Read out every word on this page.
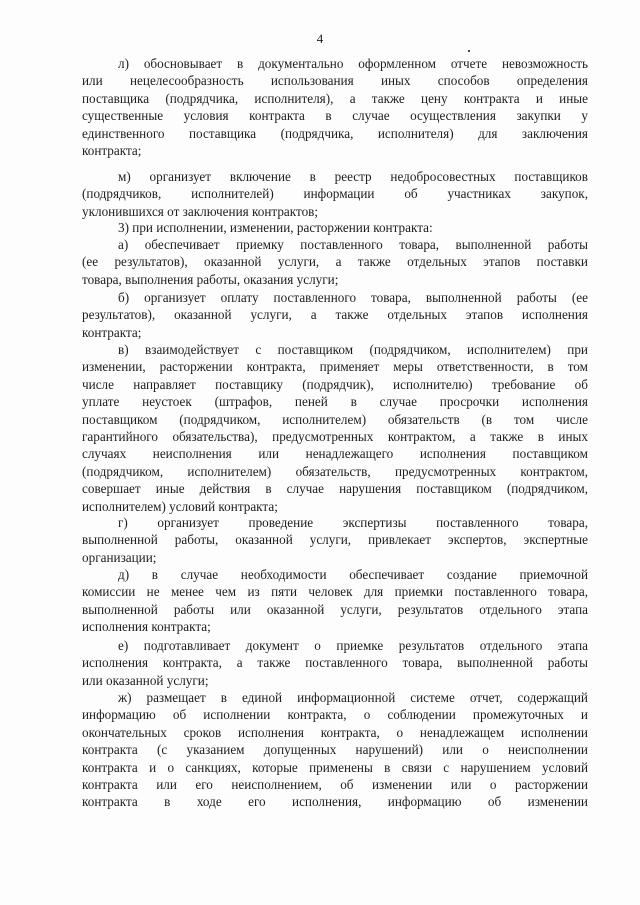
4
л) обосновывает в документально оформленном отчете невозможность
или нецелесообразность использования иных способов определения
поставщика (подрядчика, исполнителя), а также цену контракта и иные
существенные условия контракта в случае осуществления закупки у
единственного поставщика (подрядчика, исполнителя) для заключения
контракта;
м) организует включение в реестр недобросовестных поставщиков
(подрядчиков, исполнителей) информации об участниках закупок,
уклонившихся от заключения контрактов;
3) при исполнении, изменении, расторжении контракта:
а) обеспечивает приемку поставленного товара, выполненной работы
(ее результатов), оказанной услуги, а также отдельных этапов поставки
товара, выполнения работы, оказания услуги;
б) организует оплату поставленного товара, выполненной работы (ее
результатов), оказанной услуги, а также отдельных этапов исполнения
контракта;
в) взаимодействует с поставщиком (подрядчиком, исполнителем) при
изменении, расторжении контракта, применяет меры ответственности, в том
числе направляет поставщику (подрядчик), исполнителю) требование об
уплате неустоек (штрафов, пеней в случае просрочки исполнения
поставщиком (подрядчиком, исполнителем) обязательств (в том числе
гарантийного обязательства), предусмотренных контрактом, а также в иных
случаях неисполнения или ненадлежащего исполнения поставщиком
(подрядчиком, исполнителем) обязательств, предусмотренных контрактом,
совершает иные действия в случае нарушения поставщиком (подрядчиком,
исполнителем) условий контракта;
г) организует проведение экспертизы поставленного товара,
выполненной работы, оказанной услуги, привлекает экспертов, экспертные
организации;
д) в случае необходимости обеспечивает создание приемочной
комиссии не менее чем из пяти человек для приемки поставленного товара,
выполненной работы или оказанной услуги, результатов отдельного этапа
исполнения контракта;
е) подготавливает документ о приемке результатов отдельного этапа
исполнения контракта, а также поставленного товара, выполненной работы
или оказанной услуги;
ж) размещает в единой информационной системе отчет, содержащий
информацию об исполнении контракта, о соблюдении промежуточных и
окончательных сроков исполнения контракта, о ненадлежащем исполнении
контракта (с указанием допущенных нарушений) или о неисполнении
контракта и о санкциях, которые применены в связи с нарушением условий
контракта или его неисполнением, об изменении или о расторжении
контракта в ходе его исполнения, информацию об изменении
